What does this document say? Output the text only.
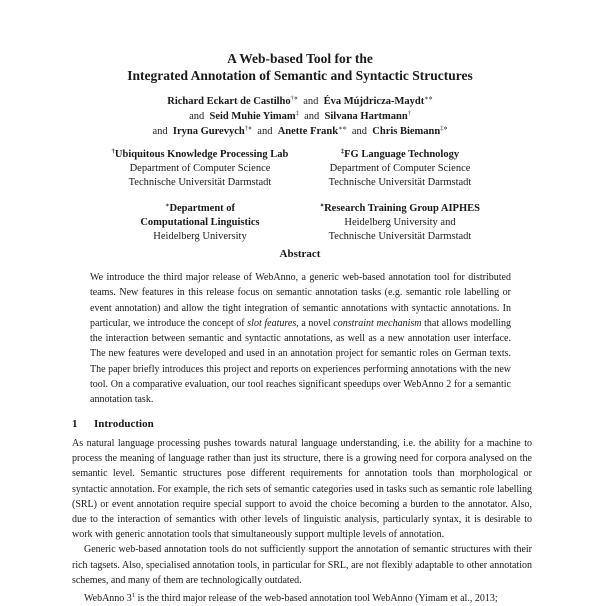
A Web-based Tool for the
Integrated Annotation of Semantic and Syntactic Structures
Richard Eckart de Castilho†⋄ and Éva Mújdricza-Maydt∗⋄
and Seid Muhie Yimam‡ and Silvana Hartmann†
and Iryna Gurevych†⋄ and Anette Frank∗⋄ and Chris Biemann‡⋄
†Ubiquitous Knowledge Processing Lab
Department of Computer Science
Technische Universität Darmstadt
‡FG Language Technology
Department of Computer Science
Technische Universität Darmstadt
∗Department of
Computational Linguistics
Heidelberg University
⋄Research Training Group AIPHES
Heidelberg University and
Technische Universität Darmstadt
Abstract
We introduce the third major release of WebAnno, a generic web-based annotation tool for distributed teams. New features in this release focus on semantic annotation tasks (e.g. semantic role labelling or event annotation) and allow the tight integration of semantic annotations with syntactic annotations. In particular, we introduce the concept of slot features, a novel constraint mechanism that allows modelling the interaction between semantic and syntactic annotations, as well as a new annotation user interface. The new features were developed and used in an annotation project for semantic roles on German texts. The paper briefly introduces this project and reports on experiences performing annotations with the new tool. On a comparative evaluation, our tool reaches significant speedups over WebAnno 2 for a semantic annotation task.
1 Introduction

As natural language processing pushes towards natural language understanding, i.e. the ability for a machine to process the meaning of language rather than just its structure, there is a growing need for corpora analysed on the semantic level. Semantic structures pose different requirements for annotation tools than morphological or syntactic annotation. For example, the rich sets of semantic categories used in tasks such as semantic role labelling (SRL) or event annotation require special support to avoid the choice becoming a burden to the annotator. Also, due to the interaction of semantics with other levels of linguistic analysis, particularly syntax, it is desirable to work with generic annotation tools that simultaneously support multiple levels of annotation.

Generic web-based annotation tools do not sufficiently support the annotation of semantic structures with their rich tagsets. Also, specialised annotation tools, in particular for SRL, are not flexibly adaptable to other annotation schemes, and many of them are technologically outdated.

WebAnno $3^1$ is the third major release of the web-based annotation tool WebAnno (Yimam et al., 2013;
